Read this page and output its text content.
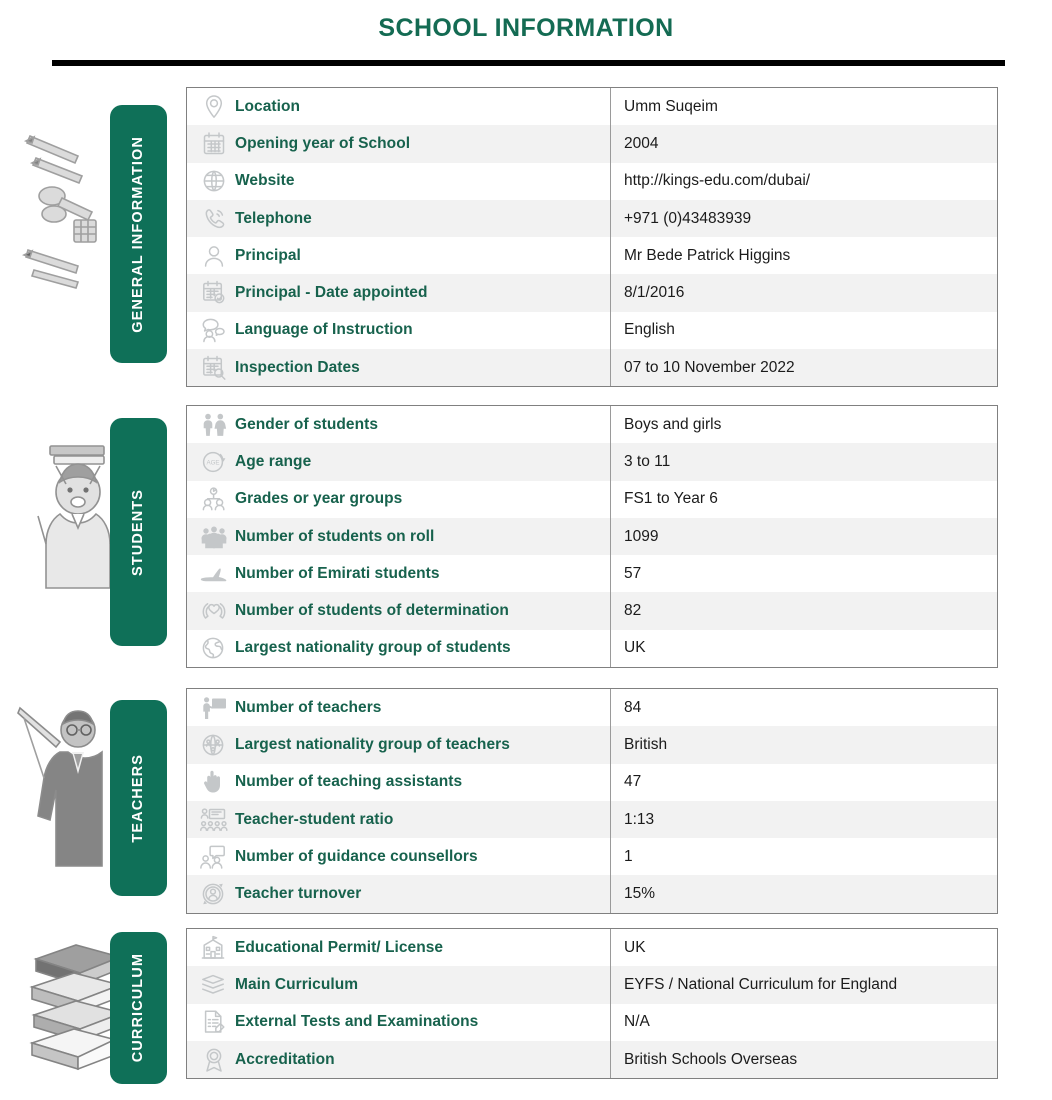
SCHOOL INFORMATION
GENERAL INFORMATION
Location	Umm Suqeim
Opening year of School	2004
Website	http://kings-edu.com/dubai/
Telephone	+971 (0)43483939
Principal	Mr Bede Patrick Higgins
Principal - Date appointed	8/1/2016
Language of Instruction	English
Inspection Dates	07 to 10 November 2022
STUDENTS
Gender of students	Boys and girls
AGE Age range	3 to 11
Grades or year groups	FS1 to Year 6
Number of students on roll	1099
Number of Emirati students	57
Number of students of determination	82
Largest nationality group of students	UK
TEACHERS
Number of teachers	84
Largest nationality group of teachers	British
Number of teaching assistants	47
Teacher-student ratio	1:13
Number of guidance counsellors	1
Teacher turnover	15%
CURRICULUM
Educational Permit/ License	UK
Main Curriculum	EYFS / National Curriculum for England
External Tests and Examinations	N/A
Accreditation	British Schools Overseas
